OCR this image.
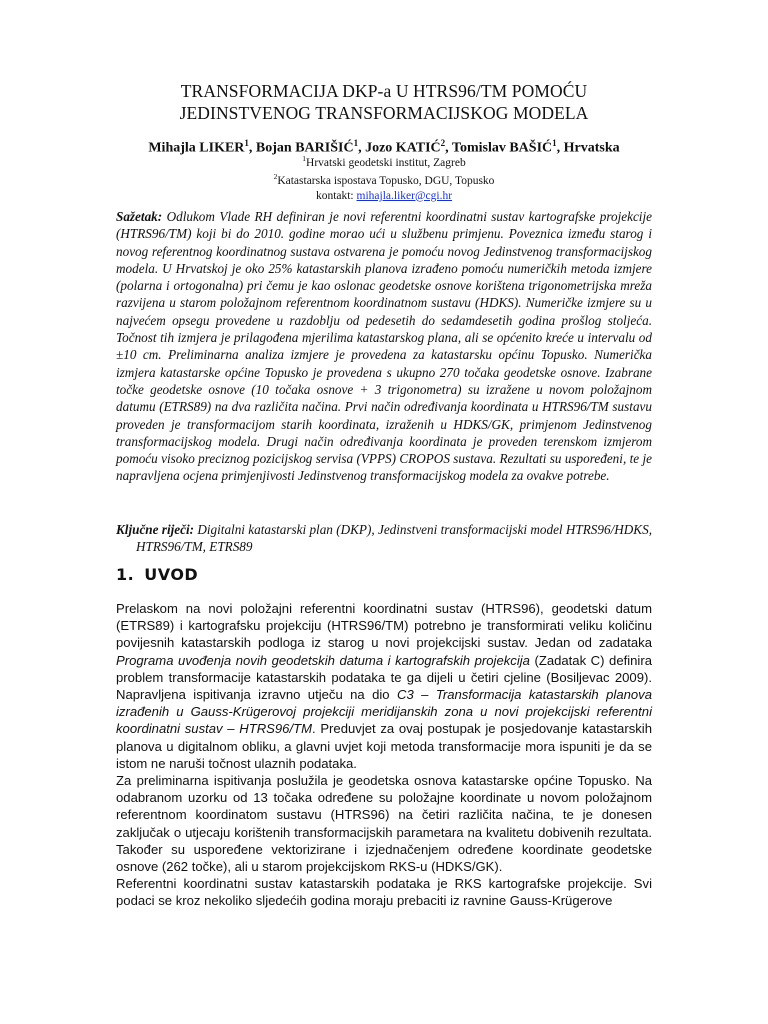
TRANSFORMACIJA DKP-a U HTRS96/TM POMOĆU
JEDINSTVENOG TRANSFORMACIJSKOG MODELA
Mihajla LIKER$^1$, Bojan BARIŠIĆ$^1$, Jozo KATIĆ$^2$, Tomislav BAŠIĆ$^1$, Hrvatska
$^1$Hrvatski geodetski institut, Zagreb
$^2$Katastarska ispostava Topusko, DGU, Topusko
kontakt: mihajla.liker@cgi.hr

Sažetak: Odlukom Vlade RH definiran je novi referentni koordinatni sustav kartografske projekcije (HTRS96/TM) koji bi do 2010. godine morao ući u službenu primjenu. Poveznica između starog i novog referentnog koordinatnog sustava ostvarena je pomoću novog Jedinstvenog transformacijskog modela. U Hrvatskoj je oko 25% katastarskih planova izrađeno pomoću numeričkih metoda izmjere (polarna i ortogonalna) pri čemu je kao oslonac geodetske osnove korištena trigonometrijska mreža razvijena u starom položajnom referentnom koordinatnom sustavu (HDKS). Numeričke izmjere su u najvećem opsegu provedene u razdoblju od pedesetih do sedamdesetih godina prošlog stoljeća. Točnost tih izmjera je prilagođena mjerilima katastarskog plana, ali se općenito kreće u intervalu od ±10 cm. Preliminarna analiza izmjere je provedena za katastarsku općinu Topusko. Numerička izmjera katastarske općine Topusko je provedena s ukupno 270 točaka geodetske osnove. Izabrane točke geodetske osnove (10 točaka osnove + 3 trigonometra) su izražene u novom položajnom datumu (ETRS89) na dva različita načina. Prvi način određivanja koordinata u HTRS96/TM sustavu proveden je transformacijom starih koordinata, izraženih u HDKS/GK, primjenom Jedinstvenog transformacijskog modela. Drugi način određivanja koordinata je proveden terenskom izmjerom pomoću visoko preciznog pozicijskog servisa (VPPS) CROPOS sustava. Rezultati su uspoređeni, te je napravljena ocjena primjenjivosti Jedinstvenog transformacijskog modela za ovakve potrebe.

Ključne riječi: Digitalni katastarski plan (DKP), Jedinstveni transformacijski model HTRS96/HDKS, HTRS96/TM, ETRS89

1. UVOD

Prelaskom na novi položajni referentni koordinatni sustav (HTRS96), geodetski datum (ETRS89) i kartografsku projekciju (HTRS96/TM) potrebno je transformirati veliku količinu povijesnih katastarskih podloga iz starog u novi projekcijski sustav. Jedan od zadataka Programa uvođenja novih geodetskih datuma i kartografskih projekcija (Zadatak C) definira problem transformacije katastarskih podataka te ga dijeli u četiri cjeline (Bosiljevac 2009). Napravljena ispitivanja izravno utječu na dio C3 – Transformacija katastarskih planova izrađenih u Gauss-Krügerovoj projekciji meridijanskih zona u novi projekcijski referentni koordinatni sustav – HTRS96/TM. Preduvjet za ovaj postupak je posjedovanje katastarskih planova u digitalnom obliku, a glavni uvjet koji metoda transformacije mora ispuniti je da se istom ne naruši točnost ulaznih podataka.

Za preliminarna ispitivanja poslužila je geodetska osnova katastarske općine Topusko. Na odabranom uzorku od 13 točaka određene su položajne koordinate u novom položajnom referentnom koordinatom sustavu (HTRS96) na četiri različita načina, te je donesen zaključak o utjecaju korištenih transformacijskih parametara na kvalitetu dobivenih rezultata. Također su uspoređene vektorizirane i izjednačenjem određene koordinate geodetske osnove (262 točke), ali u starom projekcijskom RKS-u (HDKS/GK).

Referentni koordinatni sustav katastarskih podataka je RKS kartografske projekcije. Svi podaci se kroz nekoliko sljedećih godina moraju prebaciti iz ravnine Gauss-Krügerove
